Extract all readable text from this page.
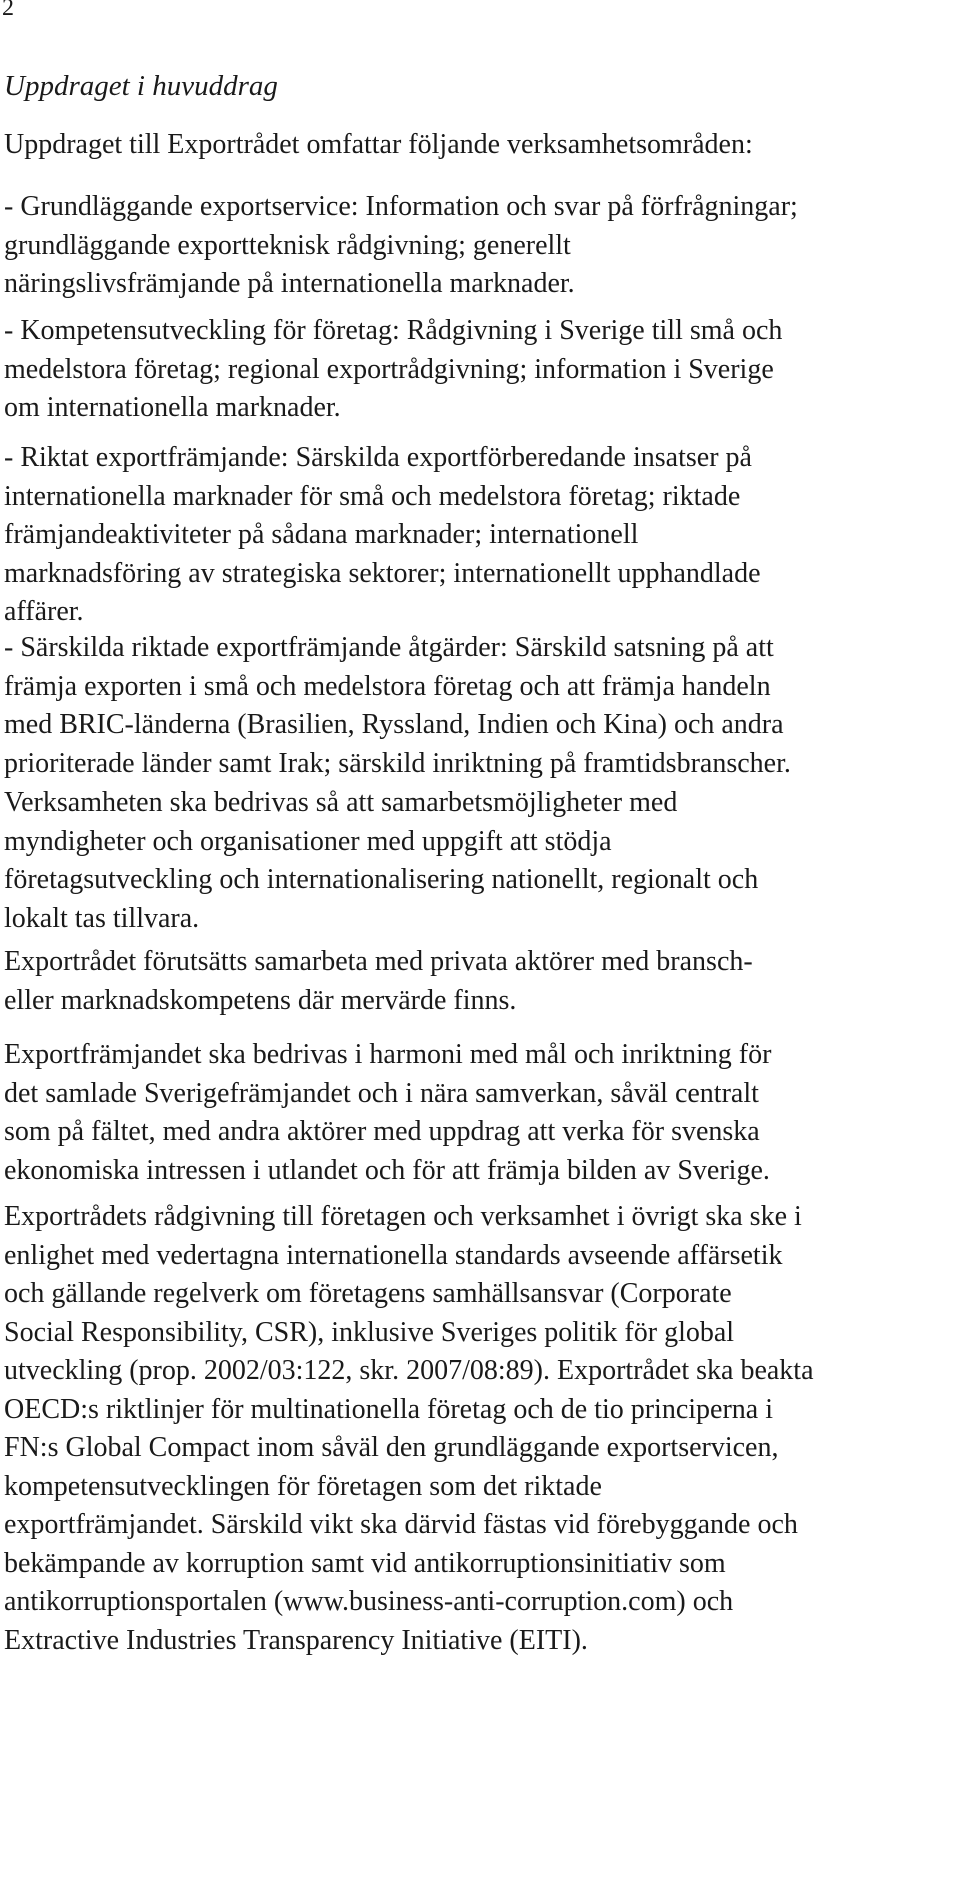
2
Uppdraget i huvuddrag
Uppdraget till Exportrådet omfattar följande verksamhetsområden:
- Grundläggande exportservice: Information och svar på förfrågningar;
grundläggande exportteknisk rådgivning; generellt
näringslivsfrämjande på internationella marknader.
- Kompetensutveckling för företag: Rådgivning i Sverige till små och
medelstora företag; regional exportrådgivning; information i Sverige
om internationella marknader.
- Riktat exportfrämjande: Särskilda exportförberedande insatser på
internationella marknader för små och medelstora företag; riktade
främjandeaktiviteter på sådana marknader; internationell
marknadsföring av strategiska sektorer; internationellt upphandlade
affärer.
- Särskilda riktade exportfrämjande åtgärder: Särskild satsning på att
främja exporten i små och medelstora företag och att främja handeln
med BRIC-länderna (Brasilien, Ryssland, Indien och Kina) och andra
prioriterade länder samt Irak; särskild inriktning på framtidsbranscher.
Verksamheten ska bedrivas så att samarbetsmöjligheter med
myndigheter och organisationer med uppgift att stödja
företagsutveckling och internationalisering nationellt, regionalt och
lokalt tas tillvara.
Exportrådet förutsätts samarbeta med privata aktörer med bransch-
eller marknadskompetens där mervärde finns.
Exportfrämjandet ska bedrivas i harmoni med mål och inriktning för
det samlade Sverigefrämjandet och i nära samverkan, såväl centralt
som på fältet, med andra aktörer med uppdrag att verka för svenska
ekonomiska intressen i utlandet och för att främja bilden av Sverige.
Exportrådets rådgivning till företagen och verksamhet i övrigt ska ske i
enlighet med vedertagna internationella standards avseende affärsetik
och gällande regelverk om företagens samhällsansvar (Corporate
Social Responsibility, CSR), inklusive Sveriges politik för global
utveckling (prop. 2002/03:122, skr. 2007/08:89). Exportrådet ska beakta
OECD:s riktlinjer för multinationella företag och de tio principerna i
FN:s Global Compact inom såväl den grundläggande exportservicen,
kompetensutvecklingen för företagen som det riktade
exportfrämjandet. Särskild vikt ska därvid fästas vid förebyggande och
bekämpande av korruption samt vid antikorruptionsinitiativ som
antikorruptionsportalen (www.business-anti-corruption.com) och
Extractive Industries Transparency Initiative (EITI).
